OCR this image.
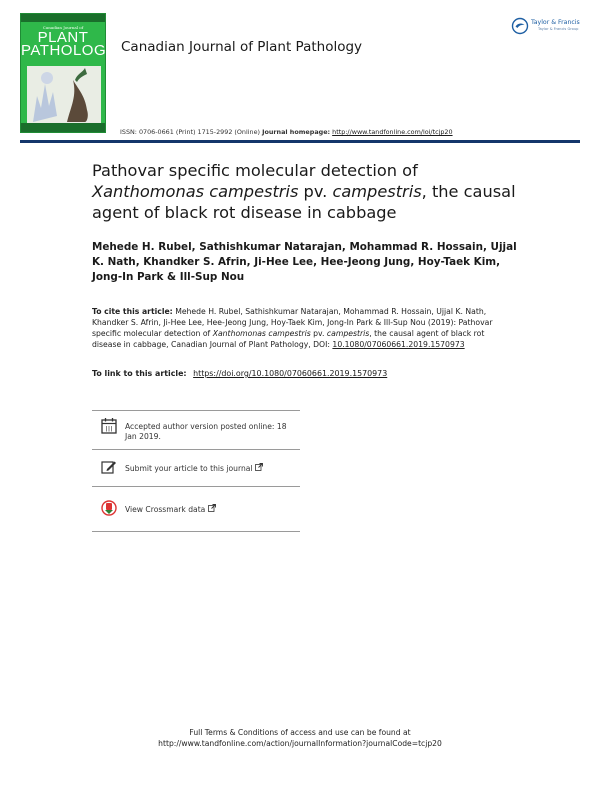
Canadian Journal of
PLANT
PATHOLOGY Canadian Journal of Plant Pathology
Taylor & Francis
Taylor & Francis Group
ISSN: 0706-0661 (Print) 1715-2992 (Online) Journal homepage: http://www.tandfonline.com/loi/tcjp20
Pathovar specific molecular detection of
Xanthomonas campestris pv. campestris, the causal agent of black rot disease in cabbage
Mehede H. Rubel, Sathishkumar Natarajan, Mohammad R. Hossain, Ujjal K. Nath, Khandker S. Afrin, Ji-Hee Lee, Hee-Jeong Jung, Hoy-Taek Kim, Jong-In Park & Ill-Sup Nou
To cite this article: Mehede H. Rubel, Sathishkumar Natarajan, Mohammad R. Hossain, Ujjal K. Nath, Khandker S. Afrin, Ji-Hee Lee, Hee-Jeong Jung, Hoy-Taek Kim, Jong-In Park & Ill-Sup Nou (2019): Pathovar specific molecular detection of Xanthomonas campestris pv. campestris, the causal agent of black rot disease in cabbage, Canadian Journal of Plant Pathology, DOI: 10.1080/07060661.2019.1570973
To link to this article: https://doi.org/10.1080/07060661.2019.1570973
Accepted author version posted online: 18 Jan 2019.
Submit your article to this journal
View Crossmark data
Full Terms & Conditions of access and use can be found at
http://www.tandfonline.com/action/journalInformation?journalCode=tcjp20
